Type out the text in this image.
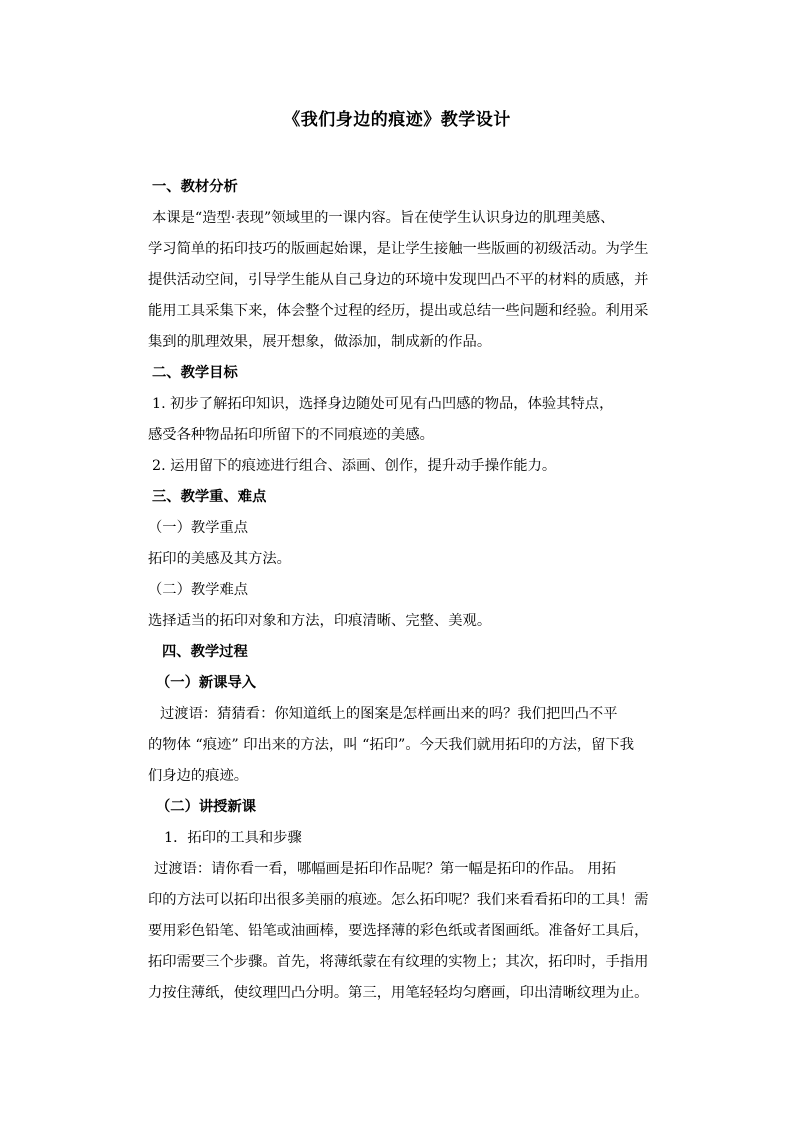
《我们身边的痕迹》教学设计

一、教材分析

本课是“造型·表现”领域里的一课内容。旨在使学生认识身边的肌理美感、

学习简单的拓印技巧的版画起始课，是让学生接触一些版画的初级活动。为学生

提供活动空间，引导学生能从自己身边的环境中发现凹凸不平的材料的质感，并

能用工具采集下来，体会整个过程的经历，提出或总结一些问题和经验。利用采

集到的肌理效果，展开想象，做添加，制成新的作品。

二、教学目标

1. 初步了解拓印知识，选择身边随处可见有凸凹感的物品，体验其特点，

感受各种物品拓印所留下的不同痕迹的美感。

2. 运用留下的痕迹进行组合、添画、创作，提升动手操作能力。

三、教学重、难点

（一）教学重点

拓印的美感及其方法。

（二）教学难点

选择适当的拓印对象和方法，印痕清晰、完整、美观。

四、教学过程

（一）新课导入

过渡语：猜猜看：你知道纸上的图案是怎样画出来的吗？我们把凹凸不平

的物体 “痕迹” 印出来的方法，叫 “拓印”。今天我们就用拓印的方法，留下我

们身边的痕迹。

（二）讲授新课

1．拓印的工具和步骤

过渡语：请你看一看，哪幅画是拓印作品呢？第一幅是拓印的作品。 用拓

印的方法可以拓印出很多美丽的痕迹。怎么拓印呢？我们来看看拓印的工具！需

要用彩色铅笔、铅笔或油画棒，要选择薄的彩色纸或者图画纸。准备好工具后，

拓印需要三个步骤。首先，将薄纸蒙在有纹理的实物上；其次，拓印时，手指用

力按住薄纸，使纹理凹凸分明。第三，用笔轻轻均匀磨画，印出清晰纹理为止。
